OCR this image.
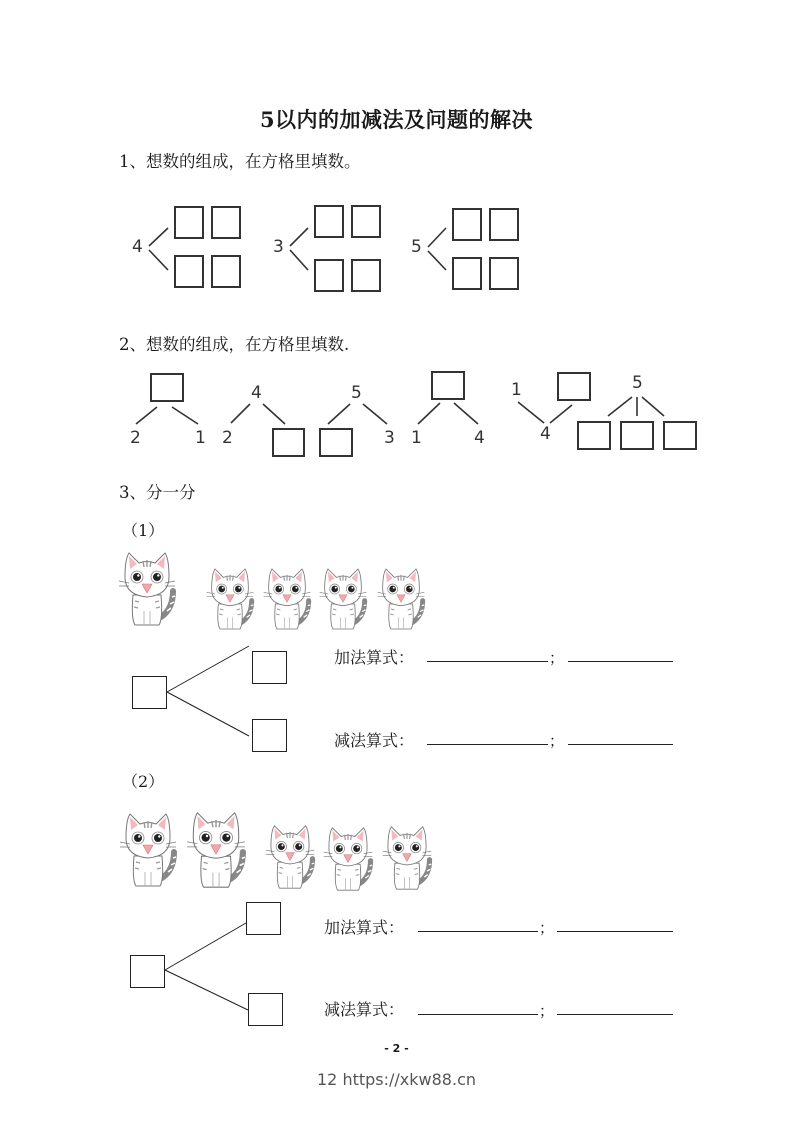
5以内的加减法及问题的解决
1、想数的组成，在方格里填数。
4	3	5
2、想数的组成，在方格里填数.
2	1
4
2
5
3 1	4
1
4
5
3、分一分
（1）
加法算式：	；
减法算式：	；
（2）
加法算式：	；
减法算式：	；
- 2 -
12 https://xkw88.cn
